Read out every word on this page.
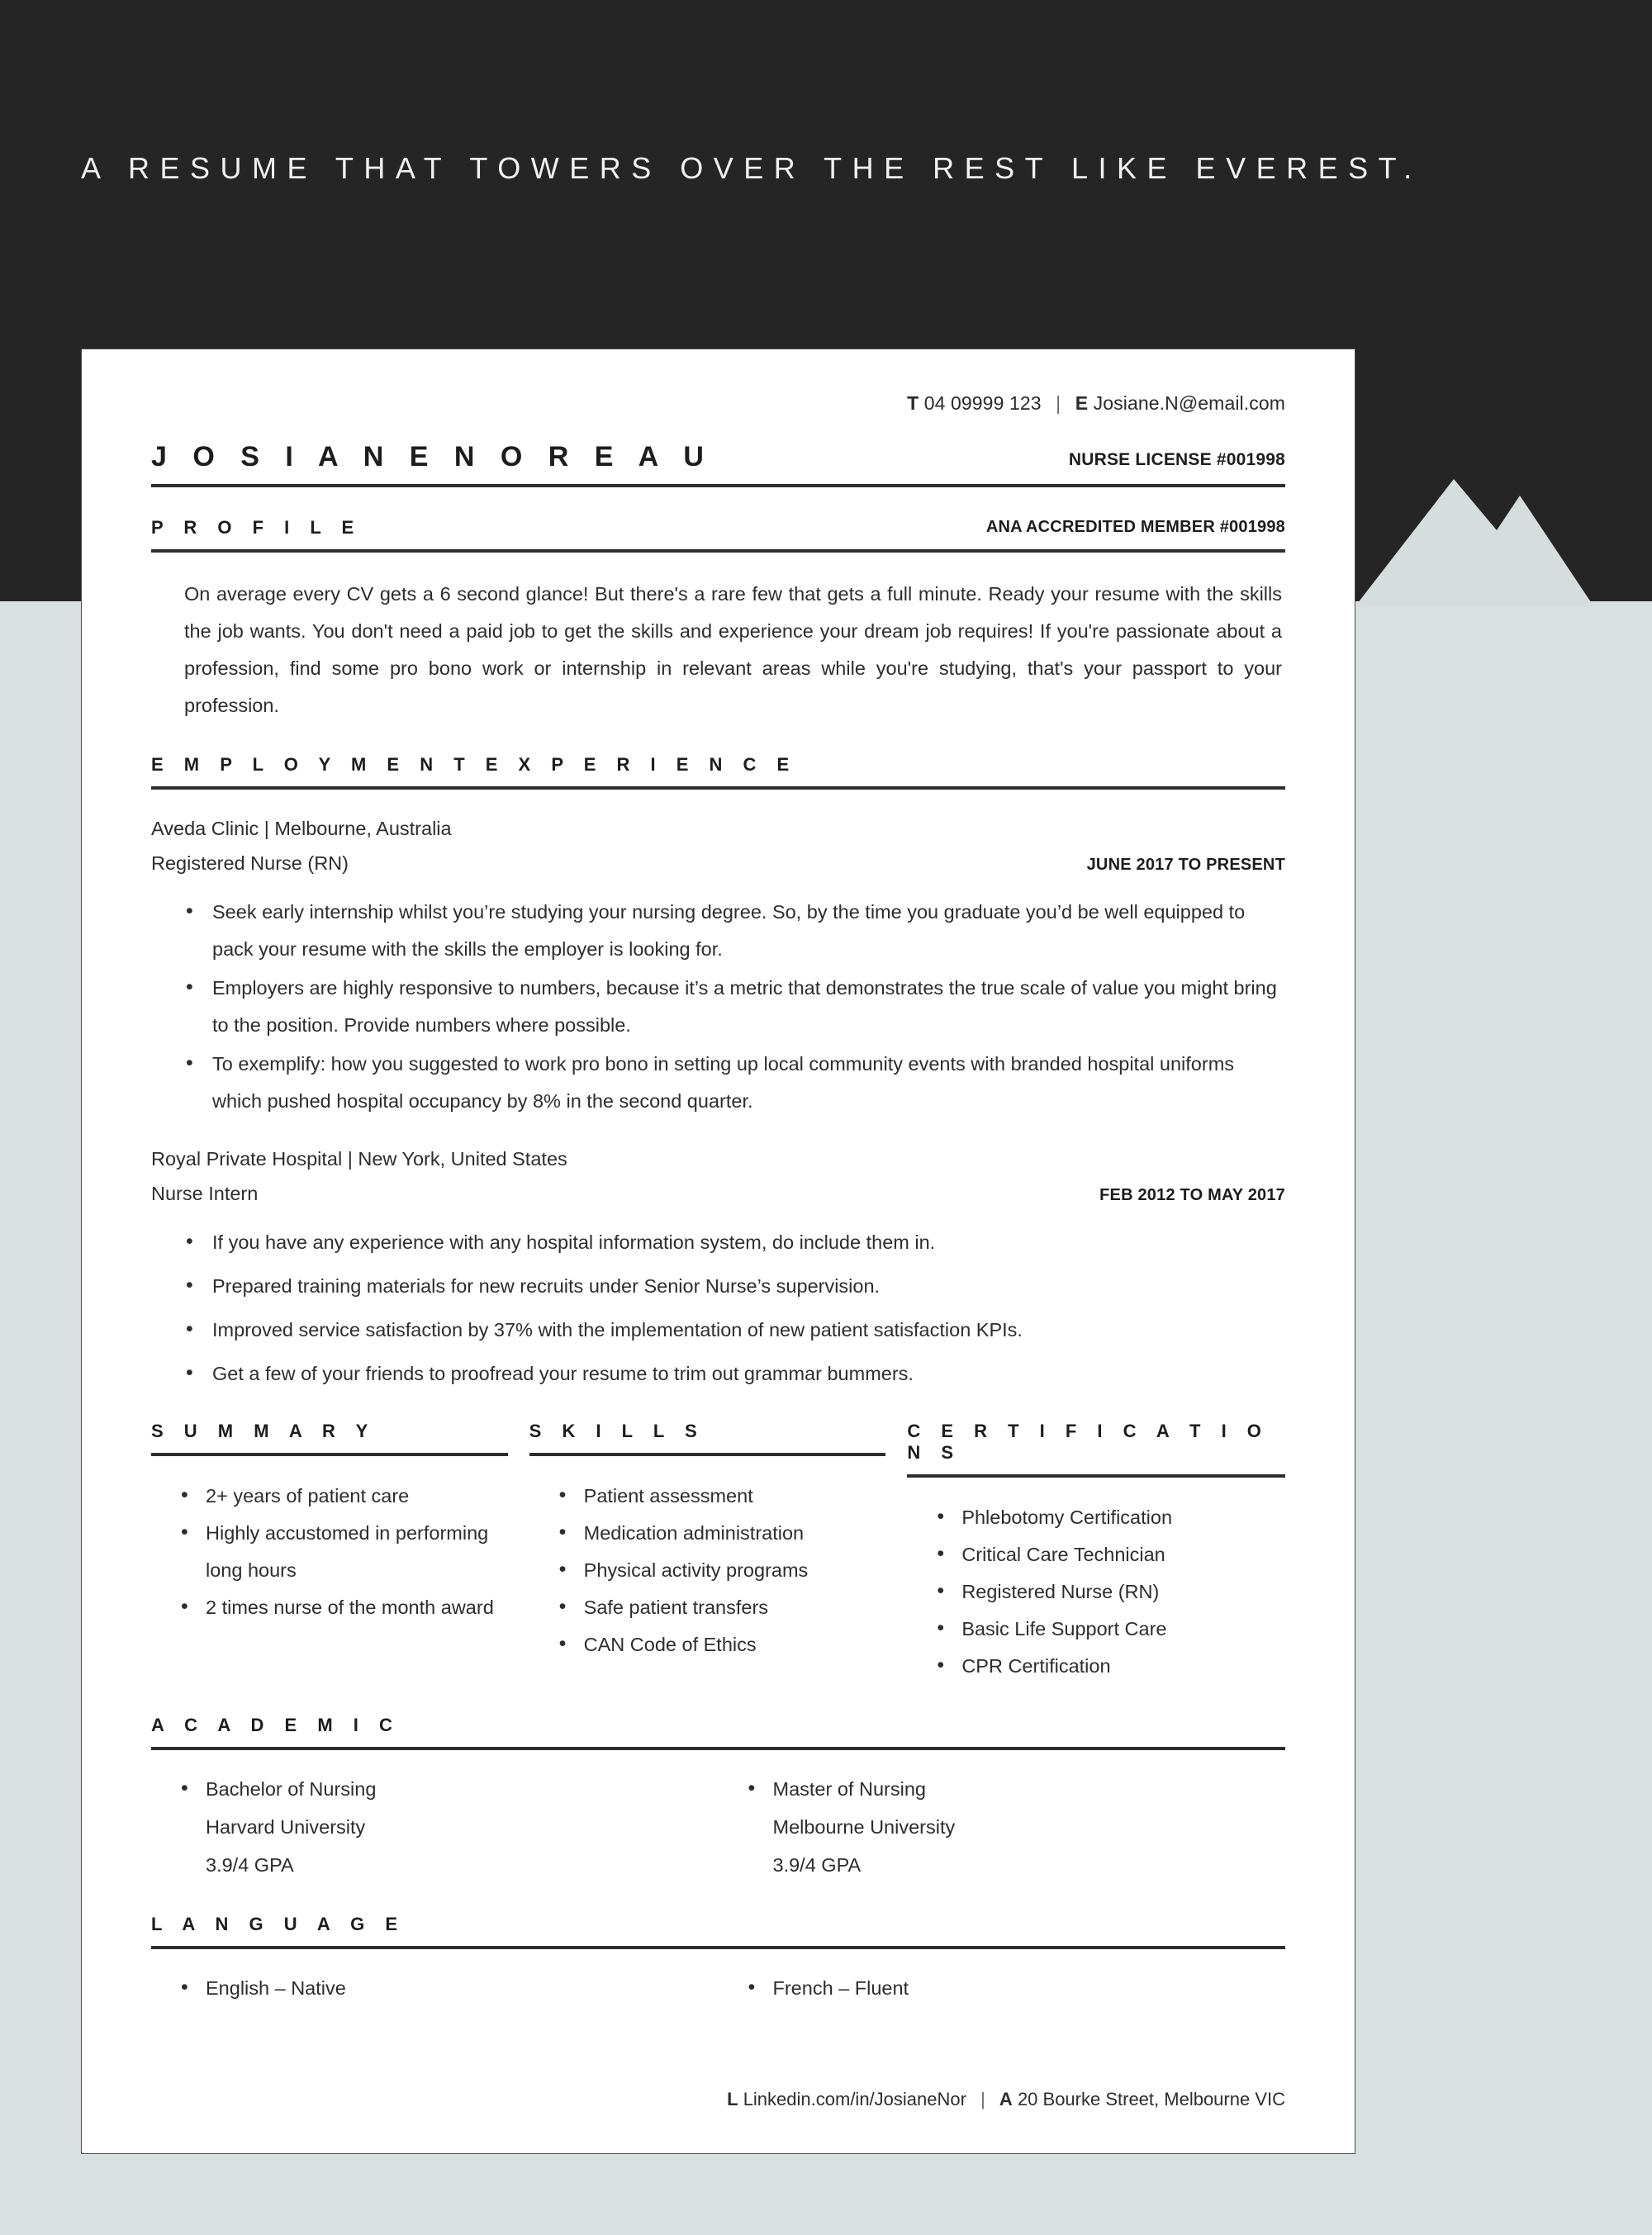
A RESUME THAT TOWERS OVER THE REST LIKE EVEREST.
T 04 09999 123 | E Josiane.N@email.com
J O S I A N E N O R E A U	NURSE LICENSE #001998
P R O F I L E	ANA ACCREDITED MEMBER #001998
On average every CV gets a 6 second glance! But there's a rare few that gets a full minute. Ready your resume with the skills the job wants. You don't need a paid job to get the skills and experience your dream job requires! If you're passionate about a profession, find some pro bono work or internship in relevant areas while you're studying, that's your passport to your profession.
E M P L O Y M E N T E X P E R I E N C E
Aveda Clinic | Melbourne, Australia
Registered Nurse (RN)	JUNE 2017 TO PRESENT
• Seek early internship whilst you’re studying your nursing degree. So, by the time you graduate you’d be well equipped to pack your resume with the skills the employer is looking for.
• Employers are highly responsive to numbers, because it’s a metric that demonstrates the true scale of value you might bring to the position. Provide numbers where possible.
• To exemplify: how you suggested to work pro bono in setting up local community events with branded hospital uniforms which pushed hospital occupancy by 8% in the second quarter.
Royal Private Hospital | New York, United States
Nurse Intern	FEB 2012 TO MAY 2017
• If you have any experience with any hospital information system, do include them in.
• Prepared training materials for new recruits under Senior Nurse’s supervision.
• Improved service satisfaction by 37% with the implementation of new patient satisfaction KPIs.
• Get a few of your friends to proofread your resume to trim out grammar bummers.
S U M M A R Y
• 2+ years of patient care
• Highly accustomed in performing long hours
• 2 times nurse of the month award
S K I L L S
• Patient assessment
• Medication administration
• Physical activity programs
• Safe patient transfers
• CAN Code of Ethics
C E R T I F I C A T I O N S
• Phlebotomy Certification
• Critical Care Technician
• Registered Nurse (RN)
• Basic Life Support Care
• CPR Certification
A C A D E M I C
• Bachelor of Nursing
Harvard University
3.9/4 GPA
• Master of Nursing
Melbourne University
3.9/4 GPA
L A N G U A G E
• English – Native	• French – Fluent
L Linkedin.com/in/JosianeNor | A 20 Bourke Street, Melbourne VIC
